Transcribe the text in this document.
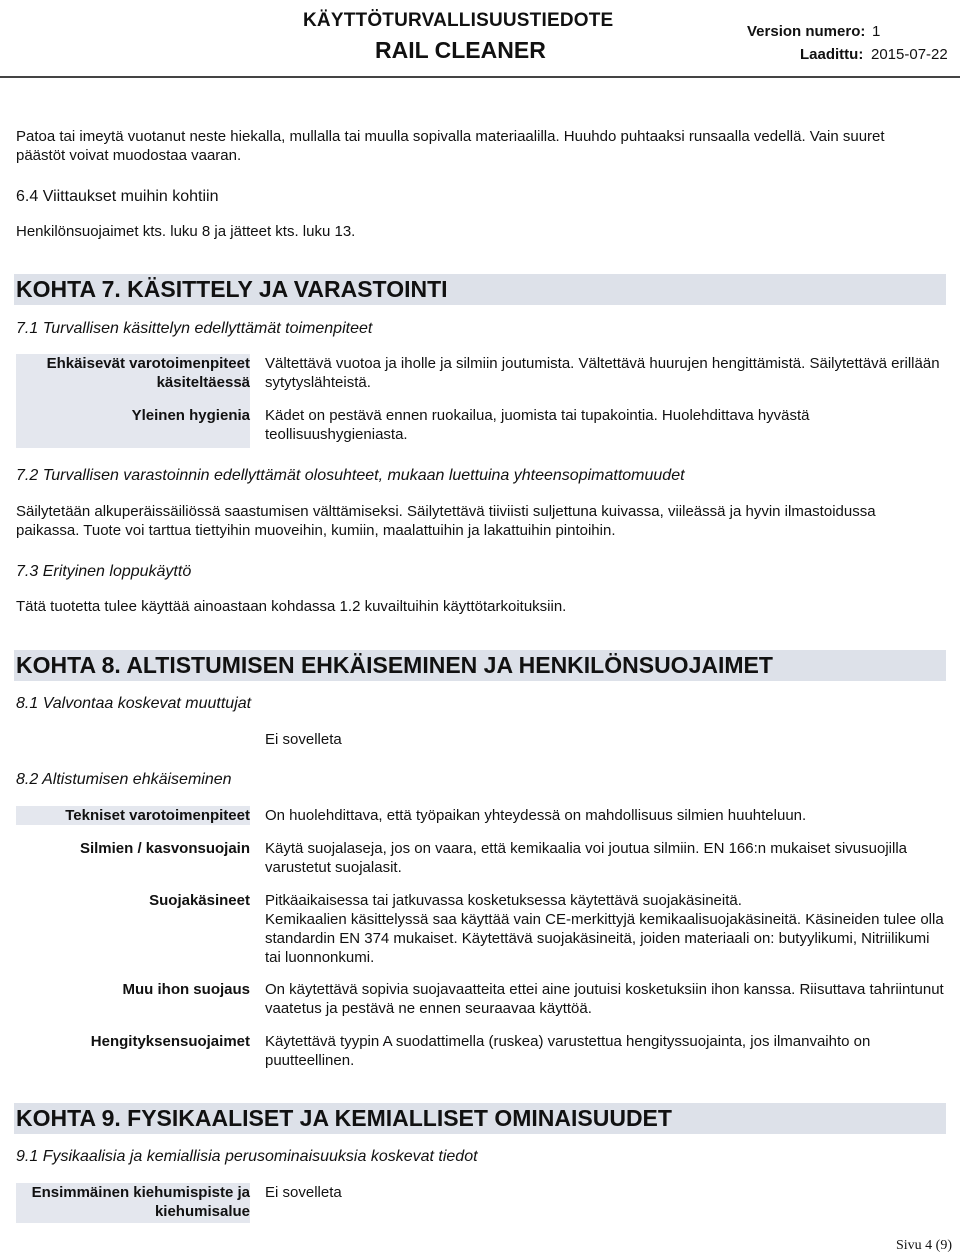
KÄYTTÖTURVALLISUUSTIEDOTE
RAIL CLEANER
Version numero: 1
Laadittu: 2015-07-22
Patoa tai imeytä vuotanut neste hiekalla, mullalla tai muulla sopivalla materiaalilla. Huuhdo puhtaaksi runsaalla vedellä. Vain suuret päästöt voivat muodostaa vaaran.
6.4 Viittaukset muihin kohtiin
Henkilönsuojaimet kts. luku 8 ja jätteet kts. luku 13.
KOHTA 7. KÄSITTELY JA VARASTOINTI
7.1 Turvallisen käsittelyn edellyttämät toimenpiteet
Ehkäisevät varotoimenpiteet
käsiteltäessä
Yleinen hygienia
Vältettävä vuotoa ja iholle ja silmiin joutumista. Vältettävä huurujen hengittämistä. Säilytettävä erillään sytytyslähteistä.
Kädet on pestävä ennen ruokailua, juomista tai tupakointia. Huolehdittava hyvästä teollisuushygieniasta.
7.2 Turvallisen varastoinnin edellyttämät olosuhteet, mukaan luettuina yhteensopimattomuudet
Säilytetään alkuperäissäiliössä saastumisen välttämiseksi. Säilytettävä tiiviisti suljettuna kuivassa, viileässä ja hyvin ilmastoidussa paikassa. Tuote voi tarttua tiettyihin muoveihin, kumiin, maalattuihin ja lakattuihin pintoihin.
7.3 Erityinen loppukäyttö
Tätä tuotetta tulee käyttää ainoastaan kohdassa 1.2 kuvailtuihin käyttötarkoituksiin.
KOHTA 8. ALTISTUMISEN EHKÄISEMINEN JA HENKILÖNSUOJAIMET
8.1 Valvontaa koskevat muuttujat
Ei sovelleta
8.2 Altistumisen ehkäiseminen
Tekniset varotoimenpiteet On huolehdittava, että työpaikan yhteydessä on mahdollisuus silmien huuhteluun.
Silmien / kasvonsuojain Käytä suojalaseja, jos on vaara, että kemikaalia voi joutua silmiin. EN 166:n mukaiset sivusuojilla varustetut suojalasit.
Suojakäsineet Pitkäaikaisessa tai jatkuvassa kosketuksessa käytettävä suojakäsineitä.
Kemikaalien käsittelyssä saa käyttää vain CE-merkittyjä kemikaalisuojakäsineitä. Käsineiden tulee olla standardin EN 374 mukaiset. Käytettävä suojakäsineitä, joiden materiaali on: butyylikumi, Nitriilikumi tai luonnonkumi.
Muu ihon suojaus On käytettävä sopivia suojavaatteita ettei aine joutuisi kosketuksiin ihon kanssa. Riisuttava tahriintunut vaatetus ja pestävä ne ennen seuraavaa käyttöä.
Hengityksensuojaimet Käytettävä tyypin A suodattimella (ruskea) varustettua hengityssuojainta, jos ilmanvaihto on puutteellinen.
KOHTA 9. FYSIKAALISET JA KEMIALLISET OMINAISUUDET
9.1 Fysikaalisia ja kemiallisia perusominaisuuksia koskevat tiedot
Ensimmäinen kiehumispiste ja
kiehumisalue
Ei sovelleta
Sivu 4 (9)
